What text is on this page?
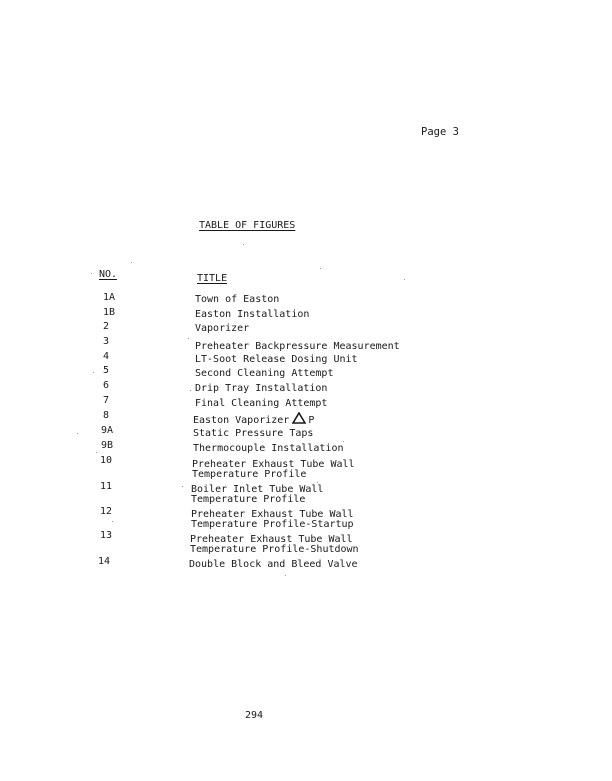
Page 3
TABLE OF FIGURES
NO.	TITLE
1A	Town of Easton
1B	Easton Installation
2	Vaporizer
3	Preheater Backpressure Measurement
4	LT-Soot Release Dosing Unit
5	Second Cleaning Attempt
6	Drip Tray Installation
7	Final Cleaning Attempt
8	Easton Vaporizer P
9A	Static Pressure Taps
9B	Thermocouple Installation
10	Preheater Exhaust Tube Wall
Temperature Profile
11	Boiler Inlet Tube Wall
Temperature Profile
12	Preheater Exhaust Tube Wall
Temperature Profile-Startup
13	Preheater Exhaust Tube Wall
Temperature Profile-Shutdown
14	Double Block and Bleed Valve
294
